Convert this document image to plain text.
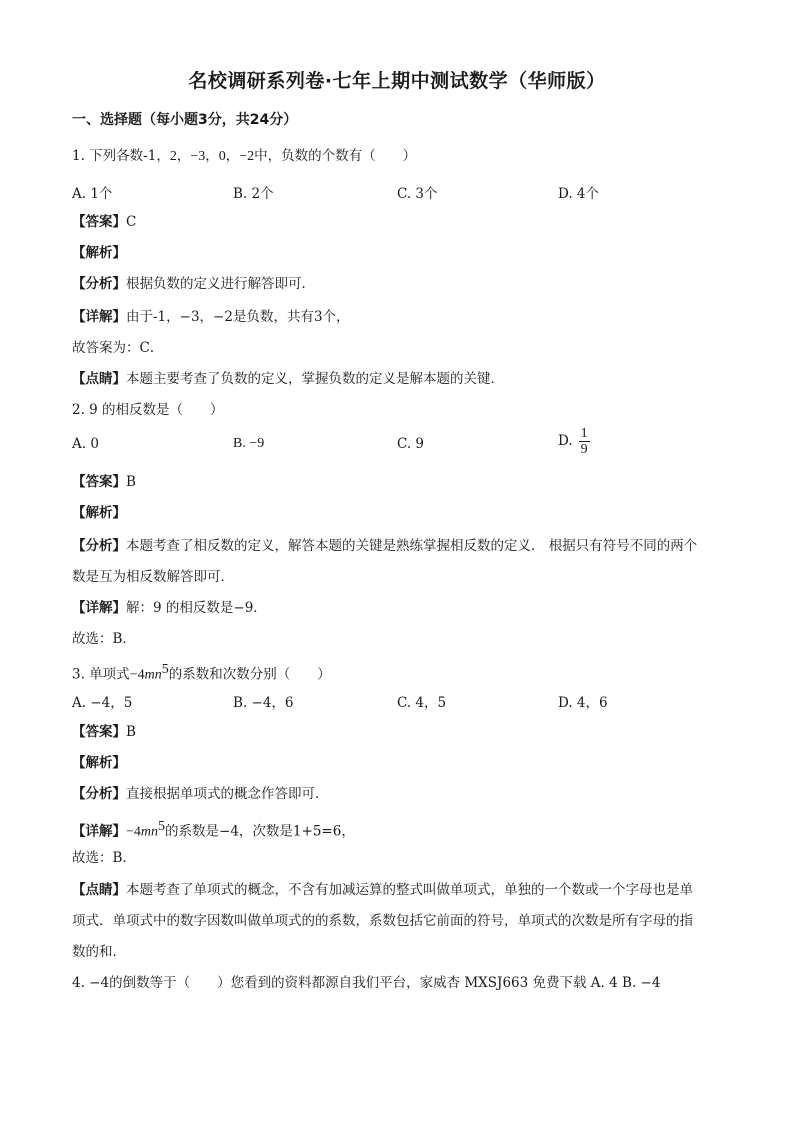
名校调研系列卷·七年上期中测试数学（华师版）
一、选择题（每小题3分，共24分）
1. 下列各数-1，2，−3，0，−2中，负数的个数有（　　）
A. 1个	B. 2个	C. 3个	D. 4个
【答案】C
【解析】
【分析】根据负数的定义进行解答即可．
【详解】由于-1，−3，−2是负数，共有3个，
故答案为：C．
【点睛】本题主要考查了负数的定义，掌握负数的定义是解本题的关键．
2. 9 的相反数是（　　）
A. 0	B. −9	C. 9	D. $\frac{1}{9}$
【答案】B
【解析】
【分析】本题考查了相反数的定义，解答本题的关键是熟练掌握相反数的定义． 根据只有符号不同的两个
数是互为相反数解答即可．
【详解】解：9 的相反数是−9．
故选：B．
3. 单项式$-4mn^5$的系数和次数分别（　　）
A. −4，5	B. −4，6	C. 4，5	D. 4，6
【答案】B
【解析】
【分析】直接根据单项式的概念作答即可．
【详解】$-4mn^5$的系数是−4，次数是1+5=6，
故选：B．
【点睛】本题考查了单项式的概念，不含有加减运算的整式叫做单项式，单独的一个数或一个字母也是单
项式．单项式中的数字因数叫做单项式的的系数，系数包括它前面的符号，单项式的次数是所有字母的指
数的和．
4. −4的倒数等于（　　）您看到的资料都源自我们平台，家威杏 MXSJ663 免费下载 A. 4 B. −4
